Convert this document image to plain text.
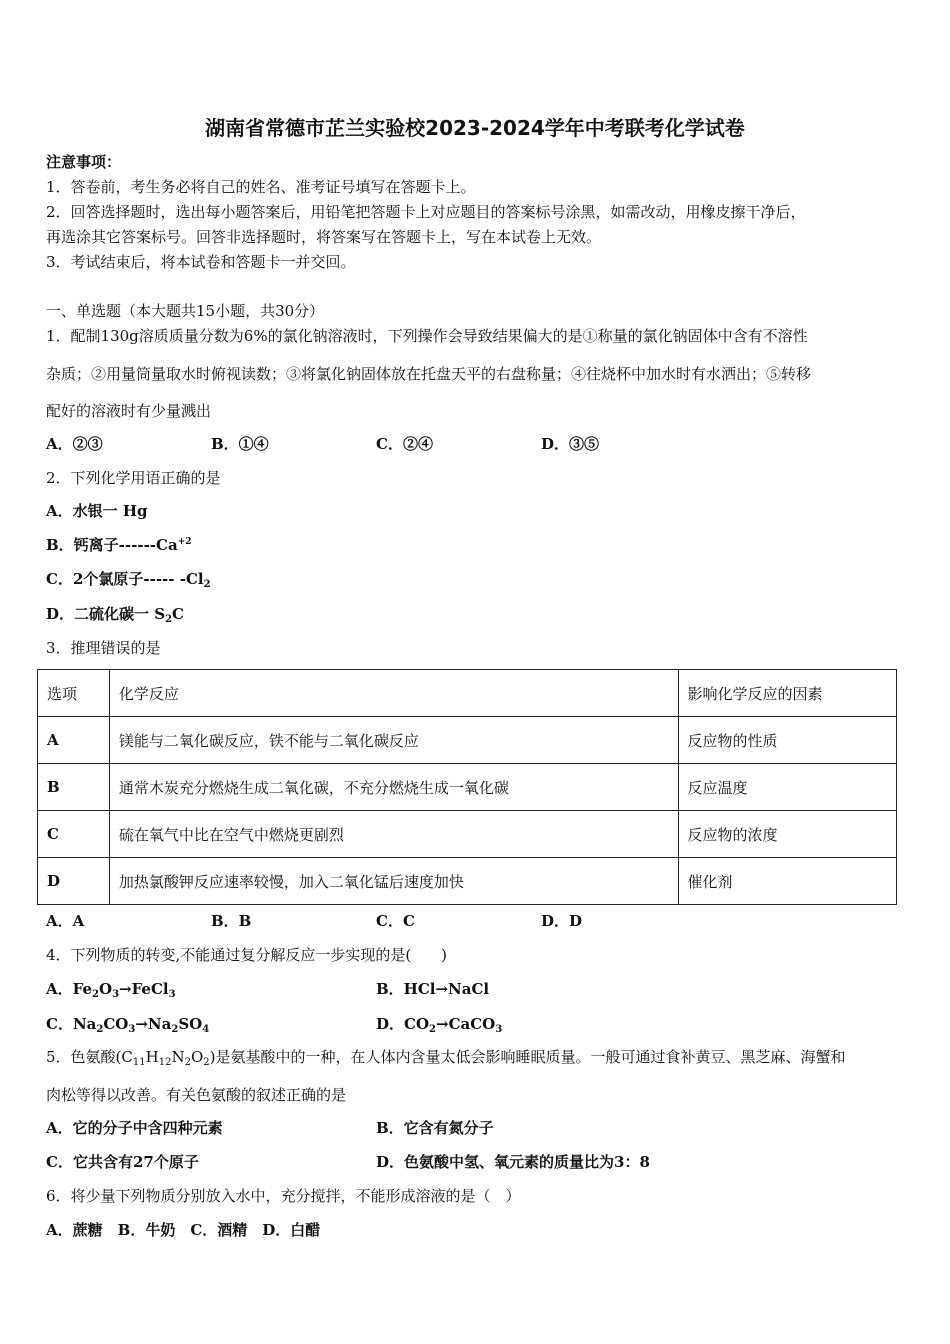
湖南省常德市芷兰实验校2023-2024学年中考联考化学试卷
注意事项：
1．答卷前，考生务必将自己的姓名、准考证号填写在答题卡上。
2．回答选择题时，选出每小题答案后，用铅笔把答题卡上对应题目的答案标号涂黑，如需改动，用橡皮擦干净后，
再选涂其它答案标号。回答非选择题时，将答案写在答题卡上，写在本试卷上无效。
3．考试结束后，将本试卷和答题卡一并交回。
一、单选题（本大题共15小题，共30分）
1．配制130g溶质质量分数为6%的氯化钠溶液时，下列操作会导致结果偏大的是①称量的氯化钠固体中含有不溶性
杂质；②用量筒量取水时俯视读数；③将氯化钠固体放在托盘天平的右盘称量；④往烧杯中加水时有水洒出；⑤转移
配好的溶液时有少量溅出
A．②③	B．①④	C．②④	D．③⑤
2．下列化学用语正确的是
A．水银一 Hg
B．钙离子$------Ca^{+2}$
C．2个氯原子----- $-Cl_2$
D．二硫化碳一 $S_2C$
3．推理错误的是
选项	化学反应	影响化学反应的因素
A	镁能与二氧化碳反应，铁不能与二氧化碳反应	反应物的性质
B	通常木炭充分燃烧生成二氧化碳，不充分燃烧生成一氧化碳	反应温度
C	硫在氧气中比在空气中燃烧更剧烈	反应物的浓度
D	加热氯酸钾反应速率较慢，加入二氧化锰后速度加快	催化剂
A．A	B．B	C．C	D．D
4．下列物质的转变,不能通过复分解反应一步实现的是(　　)
A．$Fe_2O_3\to FeCl_3$	B．HCl→NaCl
C．$Na_2CO_3\to Na_2SO_4$	D．$CO_2\to CaCO_3$
5．色氨酸$(C_{11}H_{12}N_2O_2)$是氨基酸中的一种，在人体内含量太低会影响睡眠质量。一般可通过食补黄豆、黑芝麻、海蟹和
肉松等得以改善。有关色氨酸的叙述正确的是
A．它的分子中含四种元素	B．它含有氮分子
C．它共含有27个原子	D．色氨酸中氢、氧元素的质量比为3：8
6．将少量下列物质分别放入水中，充分搅拌，不能形成溶液的是（　）
A．蔗糖　B．牛奶　C．酒精　D．白醋
